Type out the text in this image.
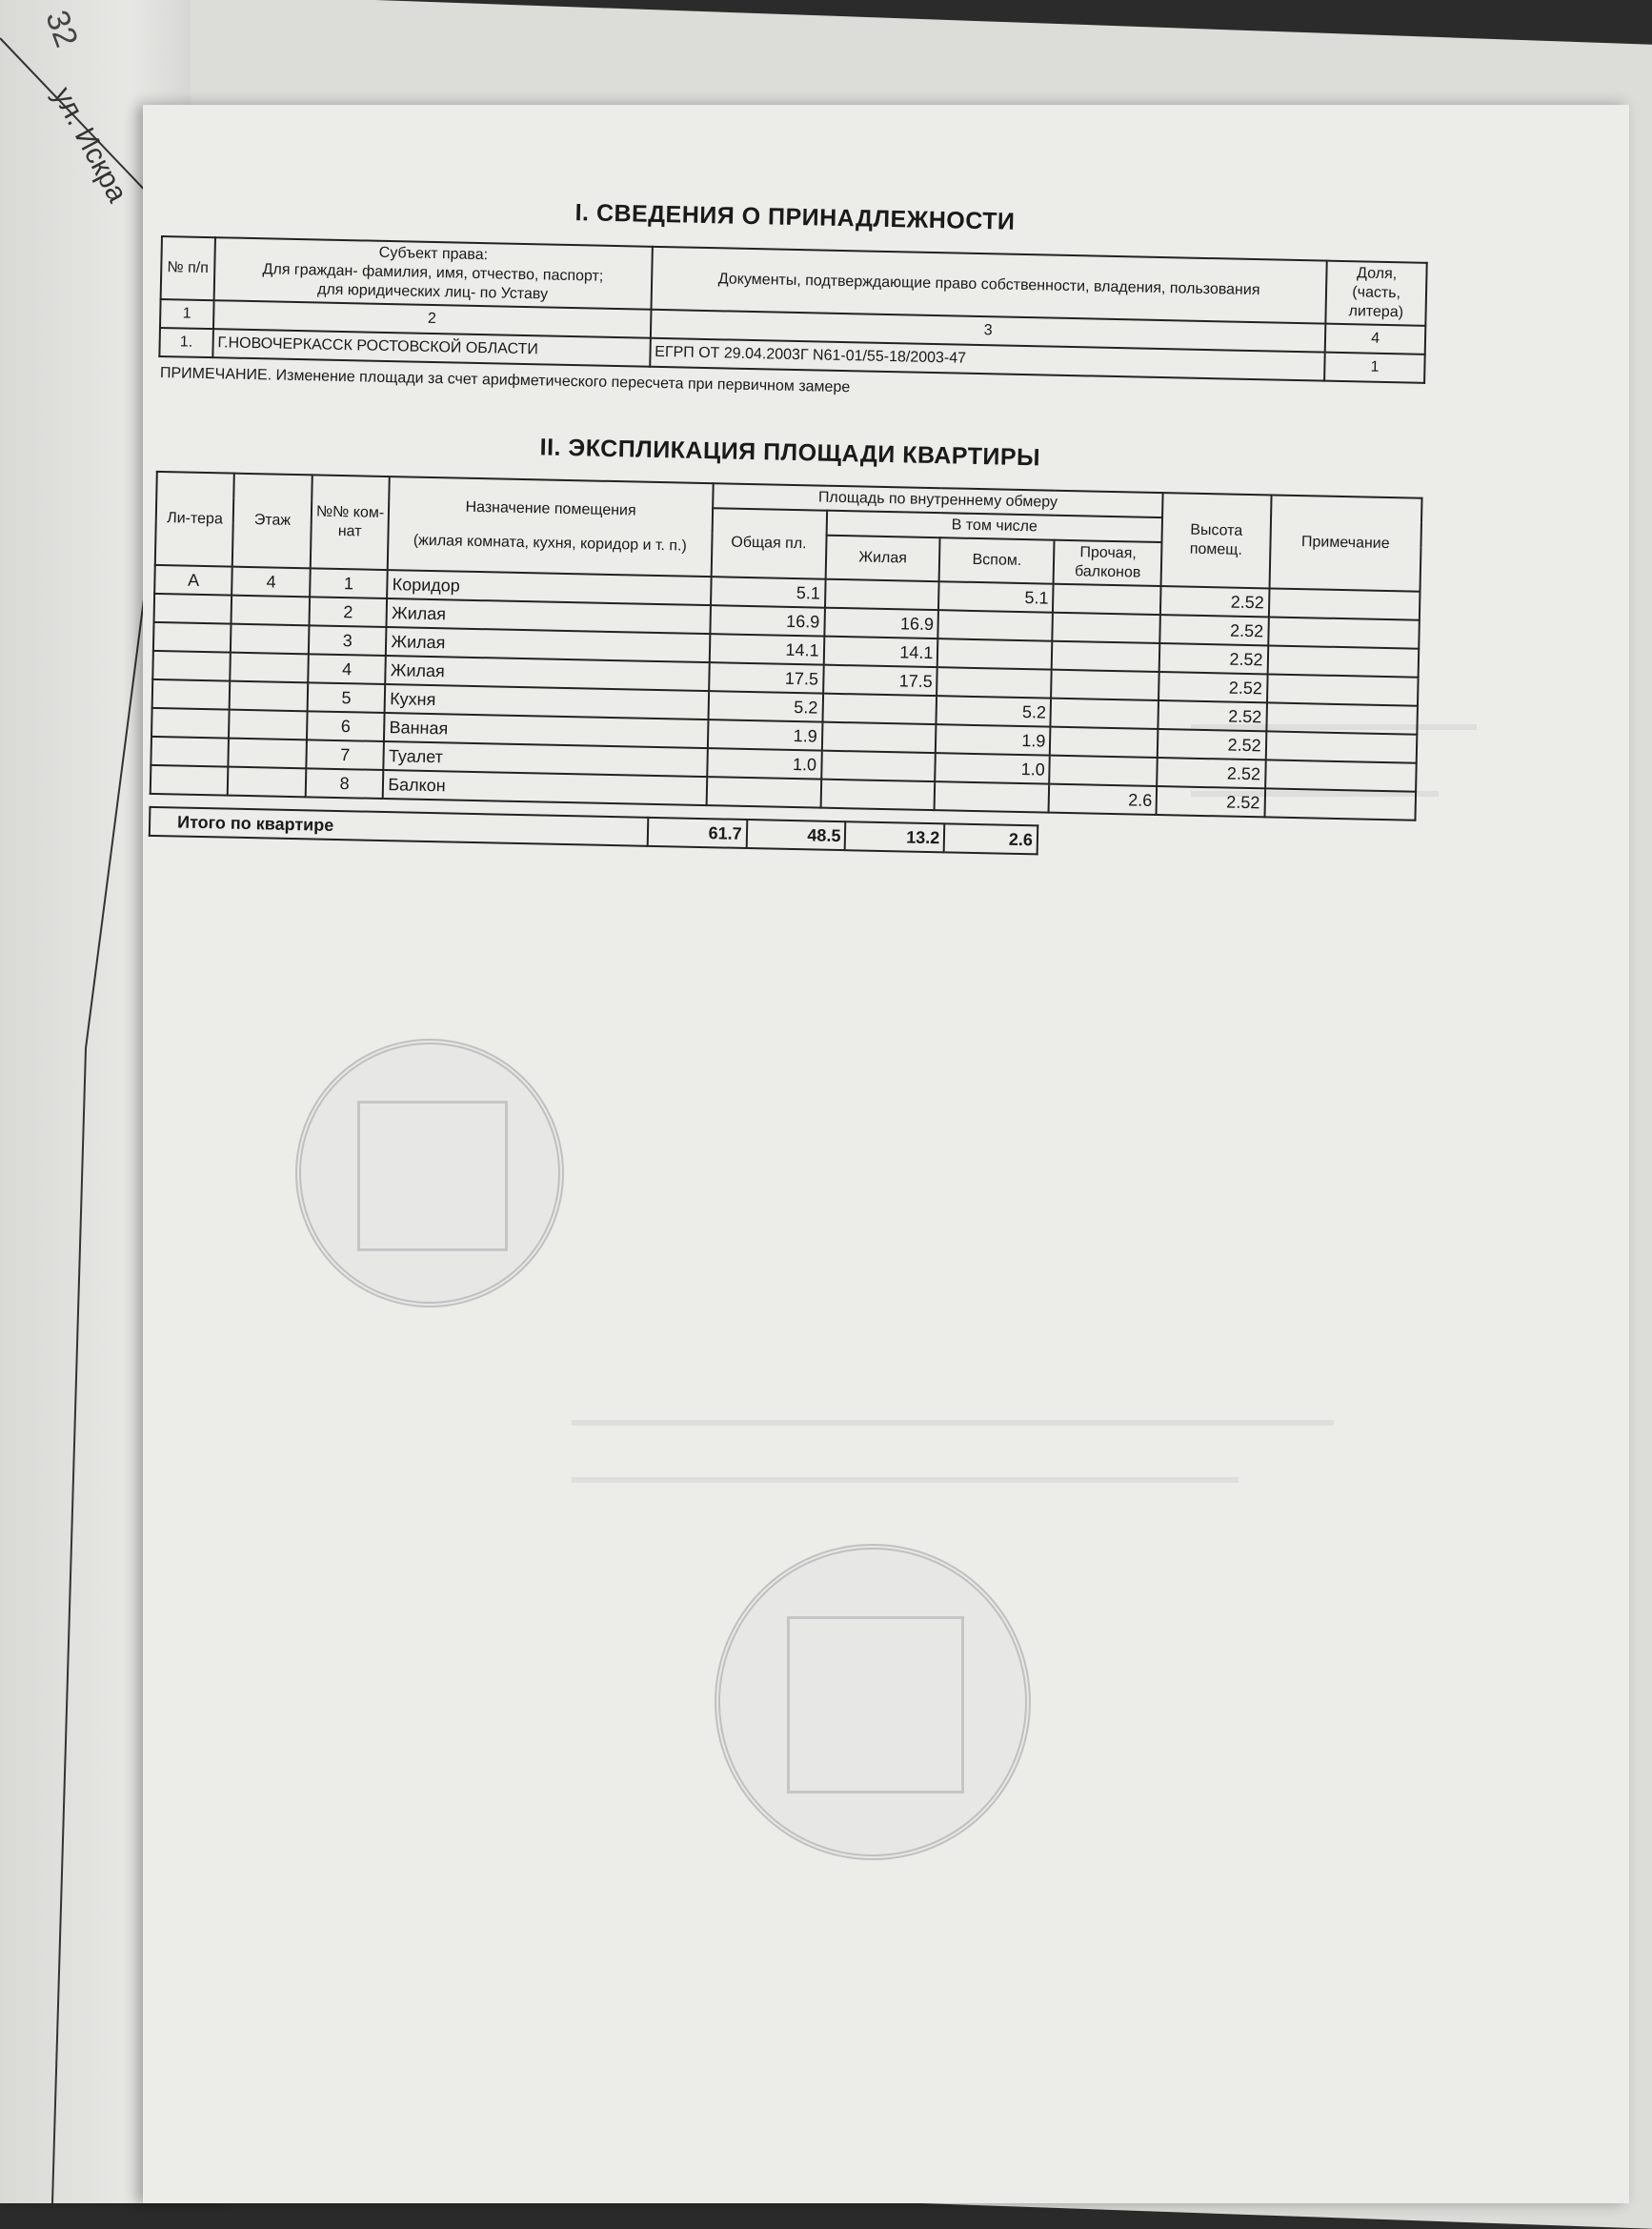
32
ул. Искра
I. СВЕДЕНИЯ О ПРИНАДЛЕЖНОСТИ
№ п/п	Субъект права:
Для граждан- фамилия, имя, отчество, паспорт;
для юридических лиц- по Уставу	Документы, подтверждающие право собственности, владения, пользования	Доля, (часть, литера)
1	2	3	4
1.	Г.НОВОЧЕРКАССК РОСТОВСКОЙ ОБЛАСТИ	ЕГРП ОТ 29.04.2003Г N61-01/55-18/2003-47	1
ПРИМЕЧАНИЕ. Изменение площади за счет арифметического пересчета при первичном замере
II. ЭКСПЛИКАЦИЯ ПЛОЩАДИ КВАРТИРЫ
Ли-тера	Этаж	№№ ком-нат	Назначение помещения
(жилая комната, кухня, коридор и т. п.)	Площадь по внутреннему обмеру				Высота помещ.	Примечание
				Общая пл.	В том числе				
					Жилая	Вспом.	Прочая, балконов		
А	4	1	Коридор	5.1		5.1		2.52	
		2	Жилая	16.9	16.9			2.52	
		3	Жилая	14.1	14.1			2.52	
		4	Жилая	17.5	17.5			2.52	
		5	Кухня	5.2		5.2		2.52	
		6	Ванная	1.9		1.9		2.52	
		7	Туалет	1.0		1.0		2.52	
		8	Балкон				2.6	2.52	
Итого по квартире	61.7	48.5	13.2	2.6
